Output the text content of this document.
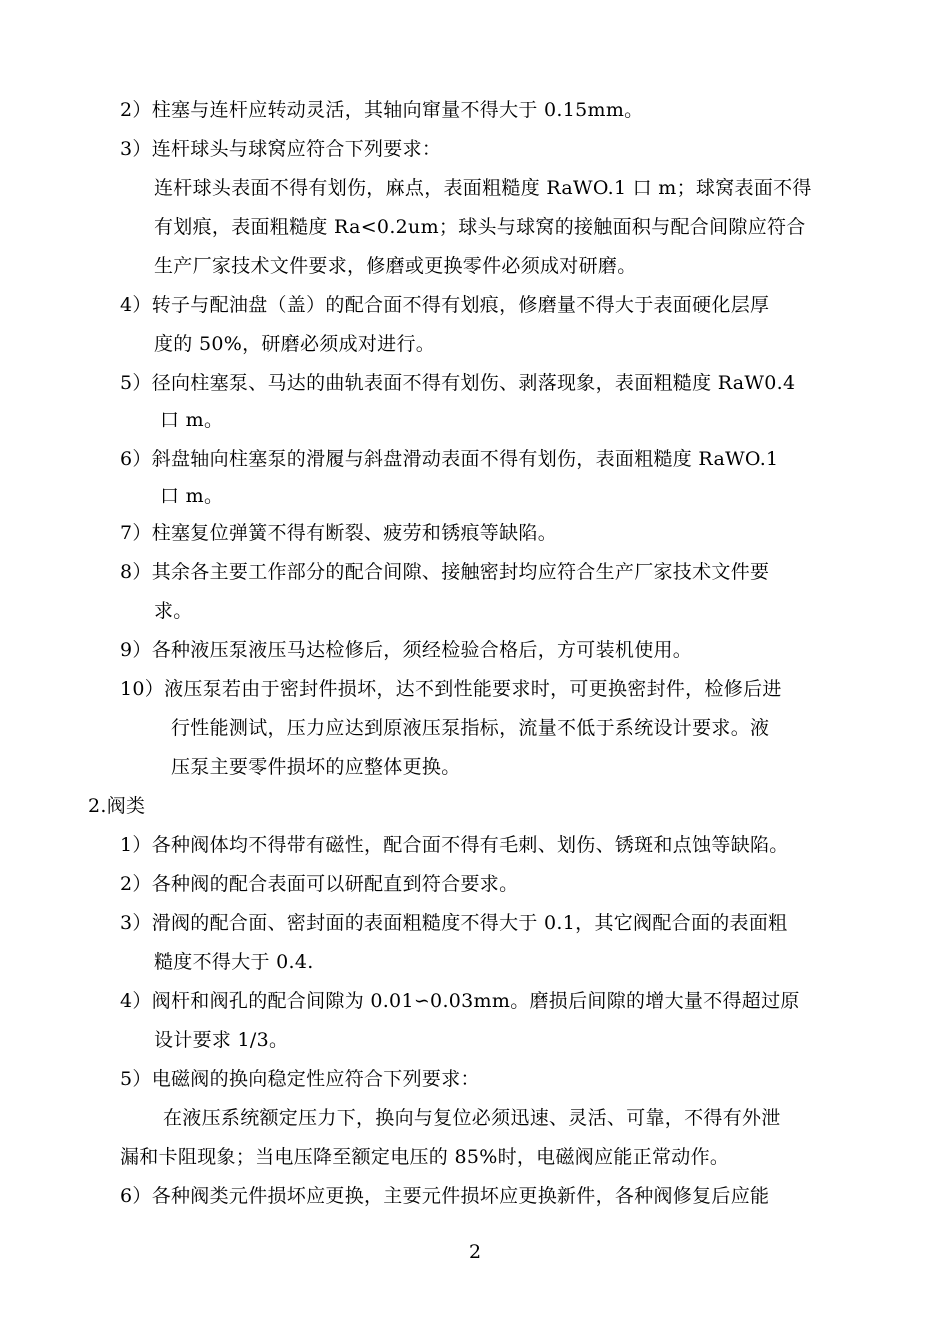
2）柱塞与连杆应转动灵活，其轴向窜量不得大于 0.15mm。
3）连杆球头与球窝应符合下列要求：
连杆球头表面不得有划伤，麻点，表面粗糙度 RaWO.1 口 m；球窝表面不得
有划痕，表面粗糙度 Ra<0.2um；球头与球窝的接触面积与配合间隙应符合
生产厂家技术文件要求，修磨或更换零件必须成对研磨。
4）转子与配油盘（盖）的配合面不得有划痕，修磨量不得大于表面硬化层厚
度的 50%，研磨必须成对进行。
5）径向柱塞泵、马达的曲轨表面不得有划伤、剥落现象，表面粗糙度 RaW0.4
口 m。
6）斜盘轴向柱塞泵的滑履与斜盘滑动表面不得有划伤，表面粗糙度 RaWO.1
口 m。
7）柱塞复位弹簧不得有断裂、疲劳和锈痕等缺陷。
8）其余各主要工作部分的配合间隙、接触密封均应符合生产厂家技术文件要
求。
9）各种液压泵液压马达检修后，须经检验合格后，方可装机使用。
10）液压泵若由于密封件损坏，达不到性能要求时，可更换密封件，检修后进
行性能测试，压力应达到原液压泵指标，流量不低于系统设计要求。液
压泵主要零件损坏的应整体更换。
2.阀类
1）各种阀体均不得带有磁性，配合面不得有毛刺、划伤、锈斑和点蚀等缺陷。
2）各种阀的配合表面可以研配直到符合要求。
3）滑阀的配合面、密封面的表面粗糙度不得大于 0.1，其它阀配合面的表面粗
糙度不得大于 0.4.
4）阀杆和阀孔的配合间隙为 0.01∽0.03mm。磨损后间隙的增大量不得超过原
设计要求 1/3。
5）电磁阀的换向稳定性应符合下列要求：
在液压系统额定压力下，换向与复位必须迅速、灵活、可靠，不得有外泄
漏和卡阻现象；当电压降至额定电压的 85%时，电磁阀应能正常动作。
6）各种阀类元件损坏应更换，主要元件损坏应更换新件，各种阀修复后应能
2
